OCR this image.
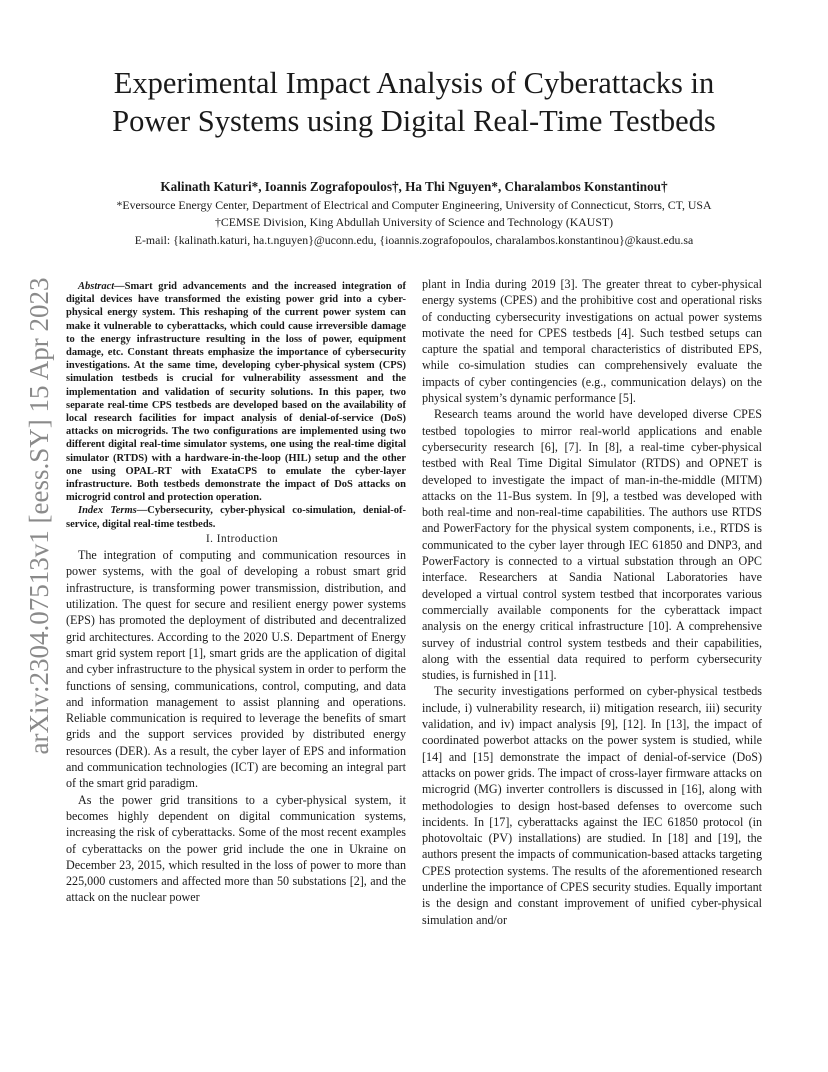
Experimental Impact Analysis of Cyberattacks in
Power Systems using Digital Real-Time Testbeds
Kalinath Katuri*, Ioannis Zografopoulos†, Ha Thi Nguyen*, Charalambos Konstantinou†
*Eversource Energy Center, Department of Electrical and Computer Engineering, University of Connecticut, Storrs, CT, USA
†CEMSE Division, King Abdullah University of Science and Technology (KAUST)
E-mail: {kalinath.katuri, ha.t.nguyen}@uconn.edu, {ioannis.zografopoulos, charalambos.konstantinou}@kaust.edu.sa
arXiv:2304.07513v1 [eess.SY] 15 Apr 2023	Abstract—Smart grid advancements and the increased integration of digital devices have transformed the existing power grid into a cyber-physical energy system. This reshaping of the current power system can make it vulnerable to cyberattacks, which could cause irreversible damage to the energy infrastructure resulting in the loss of power, equipment damage, etc. Constant threats emphasize the importance of cybersecurity investigations. At the same time, developing cyber-physical system (CPS) simulation testbeds is crucial for vulnerability assessment and the implementation and validation of security solutions. In this paper, two separate real-time CPS testbeds are developed based on the availability of local research facilities for impact analysis of denial-of-service (DoS) attacks on microgrids. The two configurations are implemented using two different digital real-time simulator systems, one using the real-time digital simulator (RTDS) with a hardware-in-the-loop (HIL) setup and the other one using OPAL-RT with ExataCPS to emulate the cyber-layer infrastructure. Both testbeds demonstrate the impact of DoS attacks on microgrid control and protection operation.

Index Terms—Cybersecurity, cyber-physical co-simulation, denial-of-service, digital real-time testbeds.

I. Introduction

The integration of computing and communication resources in power systems, with the goal of developing a robust smart grid infrastructure, is transforming power transmission, distribution, and utilization. The quest for secure and resilient energy power systems (EPS) has promoted the deployment of distributed and decentralized grid architectures. According to the 2020 U.S. Department of Energy smart grid system report [1], smart grids are the application of digital and cyber infrastructure to the physical system in order to perform the functions of sensing, communications, control, computing, and data and information management to assist planning and operations. Reliable communication is required to leverage the benefits of smart grids and the support services provided by distributed energy resources (DER). As a result, the cyber layer of EPS and information and communication technologies (ICT) are becoming an integral part of the smart grid paradigm.

As the power grid transitions to a cyber-physical system, it becomes highly dependent on digital communication systems, increasing the risk of cyberattacks. Some of the most recent examples of cyberattacks on the power grid include the one in Ukraine on December 23, 2015, which resulted in the loss of power to more than 225,000 customers and affected more than 50 substations [2], and the attack on the nuclear power

plant in India during 2019 [3]. The greater threat to cyber-physical energy systems (CPES) and the prohibitive cost and operational risks of conducting cybersecurity investigations on actual power systems motivate the need for CPES testbeds [4]. Such testbed setups can capture the spatial and temporal characteristics of distributed EPS, while co-simulation studies can comprehensively evaluate the impacts of cyber contingencies (e.g., communication delays) on the physical system’s dynamic performance [5].

Research teams around the world have developed diverse CPES testbed topologies to mirror real-world applications and enable cybersecurity research [6], [7]. In [8], a real-time cyber-physical testbed with Real Time Digital Simulator (RTDS) and OPNET is developed to investigate the impact of man-in-the-middle (MITM) attacks on the 11-Bus system. In [9], a testbed was developed with both real-time and non-real-time capabilities. The authors use RTDS and PowerFactory for the physical system components, i.e., RTDS is communicated to the cyber layer through IEC 61850 and DNP3, and PowerFactory is connected to a virtual substation through an OPC interface. Researchers at Sandia National Laboratories have developed a virtual control system testbed that incorporates various commercially available components for the cyberattack impact analysis on the energy critical infrastructure [10]. A comprehensive survey of industrial control system testbeds and their capabilities, along with the essential data required to perform cybersecurity studies, is furnished in [11].

The security investigations performed on cyber-physical testbeds include, i) vulnerability research, ii) mitigation research, iii) security validation, and iv) impact analysis [9], [12]. In [13], the impact of coordinated powerbot attacks on the power system is studied, while [14] and [15] demonstrate the impact of denial-of-service (DoS) attacks on power grids. The impact of cross-layer firmware attacks on microgrid (MG) inverter controllers is discussed in [16], along with methodologies to design host-based defenses to overcome such incidents. In [17], cyberattacks against the IEC 61850 protocol (in photovoltaic (PV) installations) are studied. In [18] and [19], the authors present the impacts of communication-based attacks targeting CPES protection systems. The results of the aforementioned research underline the importance of CPES security studies. Equally important is the design and constant improvement of unified cyber-physical simulation and/or
